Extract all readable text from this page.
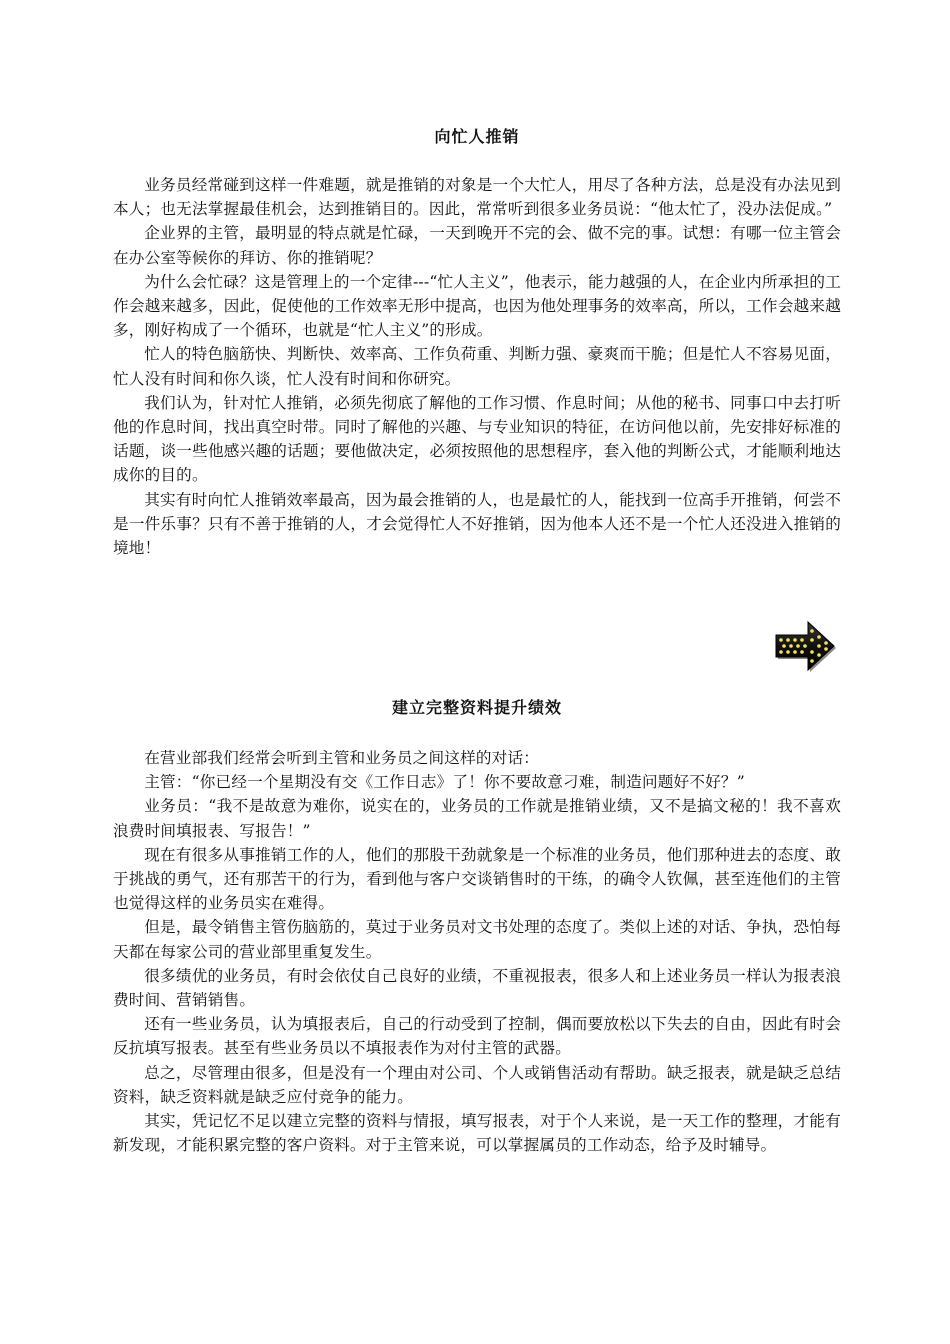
向忙人推销

业务员经常碰到这样一件难题，就是推销的对象是一个大忙人，用尽了各种方法，总是没有办法见到本人；也无法掌握最佳机会，达到推销目的。因此，常常听到很多业务员说：“他太忙了，没办法促成。”

企业界的主管，最明显的特点就是忙碌，一天到晚开不完的会、做不完的事。试想：有哪一位主管会在办公室等候你的拜访、你的推销呢？

为什么会忙碌？这是管理上的一个定律---“忙人主义”，他表示，能力越强的人，在企业内所承担的工作会越来越多，因此，促使他的工作效率无形中提高，也因为他处理事务的效率高，所以，工作会越来越多，刚好构成了一个循环，也就是“忙人主义”的形成。

忙人的特色脑筋快、判断快、效率高、工作负荷重、判断力强、豪爽而干脆；但是忙人不容易见面，忙人没有时间和你久谈，忙人没有时间和你研究。

我们认为，针对忙人推销，必须先彻底了解他的工作习惯、作息时间；从他的秘书、同事口中去打听他的作息时间，找出真空时带。同时了解他的兴趣、与专业知识的特征，在访问他以前，先安排好标准的话题，谈一些他感兴趣的话题；要他做决定，必须按照他的思想程序，套入他的判断公式，才能顺利地达成你的目的。

其实有时向忙人推销效率最高，因为最会推销的人，也是最忙的人，能找到一位高手开推销，何尝不是一件乐事？只有不善于推销的人，才会觉得忙人不好推销，因为他本人还不是一个忙人还没进入推销的境地！

建立完整资料提升绩效

在营业部我们经常会听到主管和业务员之间这样的对话：

主管：“你已经一个星期没有交《工作日志》了！你不要故意刁难，制造问题好不好？”

业务员：“我不是故意为难你，说实在的，业务员的工作就是推销业绩，又不是搞文秘的！我不喜欢浪费时间填报表、写报告！”

现在有很多从事推销工作的人，他们的那股干劲就象是一个标准的业务员，他们那种进去的态度、敢于挑战的勇气，还有那苦干的行为，看到他与客户交谈销售时的干练，的确令人钦佩，甚至连他们的主管也觉得这样的业务员实在难得。

但是，最令销售主管伤脑筋的，莫过于业务员对文书处理的态度了。类似上述的对话、争执，恐怕每天都在每家公司的营业部里重复发生。

很多绩优的业务员，有时会依仗自己良好的业绩，不重视报表，很多人和上述业务员一样认为报表浪费时间、营销销售。

还有一些业务员，认为填报表后，自己的行动受到了控制，偶而要放松以下失去的自由，因此有时会反抗填写报表。甚至有些业务员以不填报表作为对付主管的武器。

总之，尽管理由很多，但是没有一个理由对公司、个人或销售活动有帮助。缺乏报表，就是缺乏总结资料，缺乏资料就是缺乏应付竞争的能力。

其实，凭记忆不足以建立完整的资料与情报，填写报表，对于个人来说，是一天工作的整理，才能有新发现，才能积累完整的客户资料。对于主管来说，可以掌握属员的工作动态，给予及时辅导。
